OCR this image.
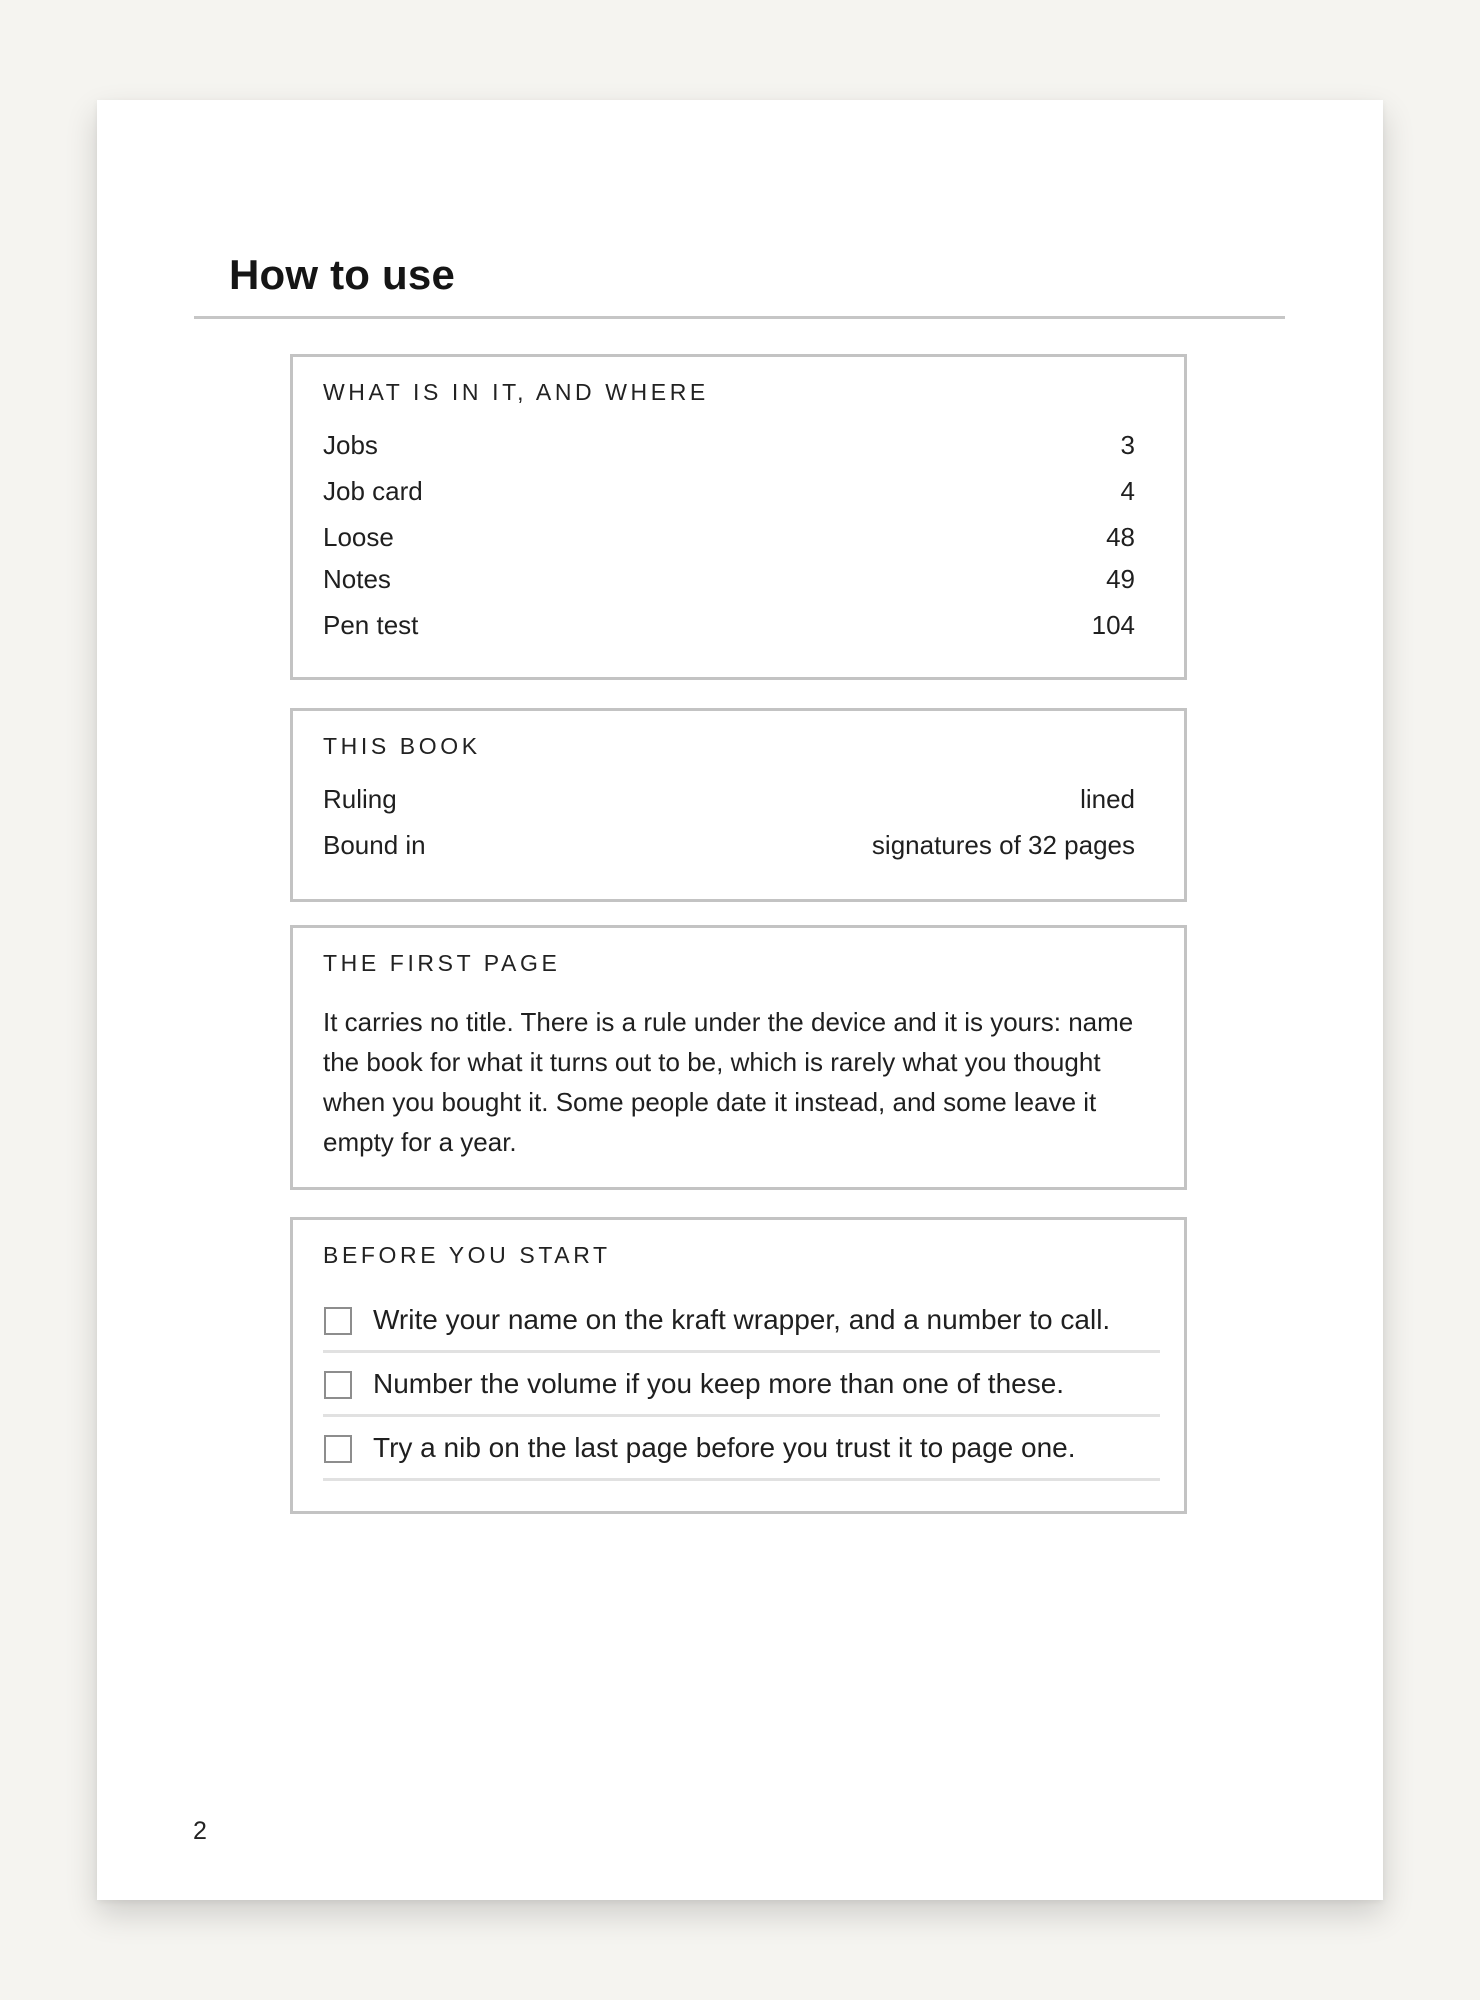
How to use
WHAT IS IN IT, AND WHERE
Jobs	3
Job card	4
Loose	48
Notes	49
Pen test	104
THIS BOOK
Ruling	lined
Bound in	signatures of 32 pages
THE FIRST PAGE

It carries no title. There is a rule under the device and it is yours: name the book for what it turns out to be, which is rarely what you thought when you bought it. Some people date it instead, and some leave it empty for a year.

BEFORE YOU START
Write your name on the kraft wrapper, and a number to call.
Number the volume if you keep more than one of these.
Try a nib on the last page before you trust it to page one.
2
